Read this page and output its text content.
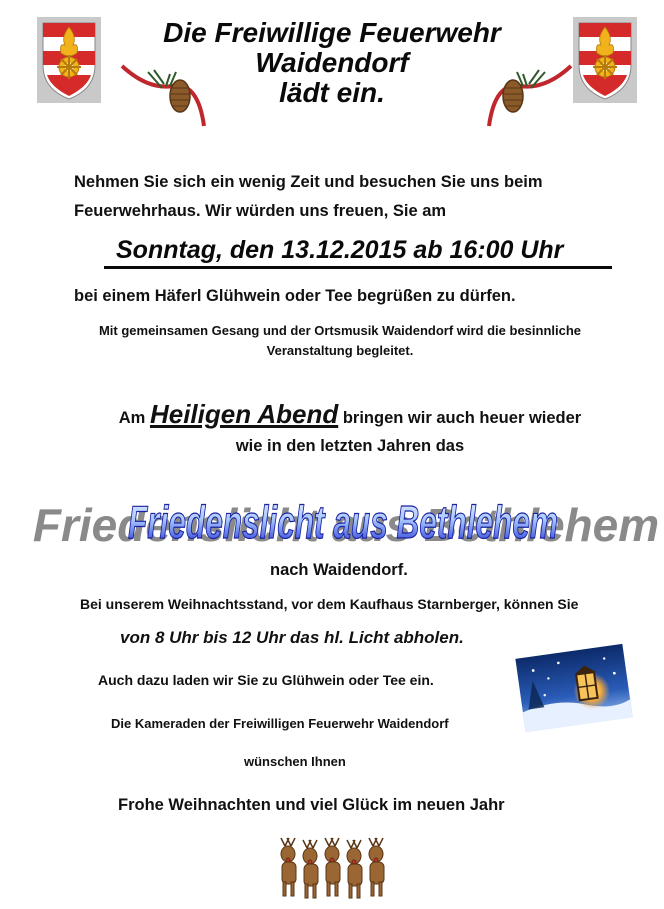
Die Freiwillige Feuerwehr
Waidendorf
lädt ein.
Nehmen Sie sich ein wenig Zeit und besuchen Sie uns beim
Feuerwehrhaus. Wir würden uns freuen, Sie am
Sonntag, den 13.12.2015 ab 16:00 Uhr
bei einem Häferl Glühwein oder Tee begrüßen zu dürfen.
Mit gemeinsamen Gesang und der Ortsmusik Waidendorf wird die besinnliche
Veranstaltung begleitet.
Am Heiligen Abend bringen wir auch heuer wieder
wie in den letzten Jahren das
Friedenslicht aus Bethlehem
Friedenslicht aus Bethlehem
nach Waidendorf.
Bei unserem Weihnachtsstand, vor dem Kaufhaus Starnberger, können Sie
von 8 Uhr bis 12 Uhr das hl. Licht abholen.
Auch dazu laden wir Sie zu Glühwein oder Tee ein.
Die Kameraden der Freiwilligen Feuerwehr Waidendorf
wünschen Ihnen
Frohe Weihnachten und viel Glück im neuen Jahr
